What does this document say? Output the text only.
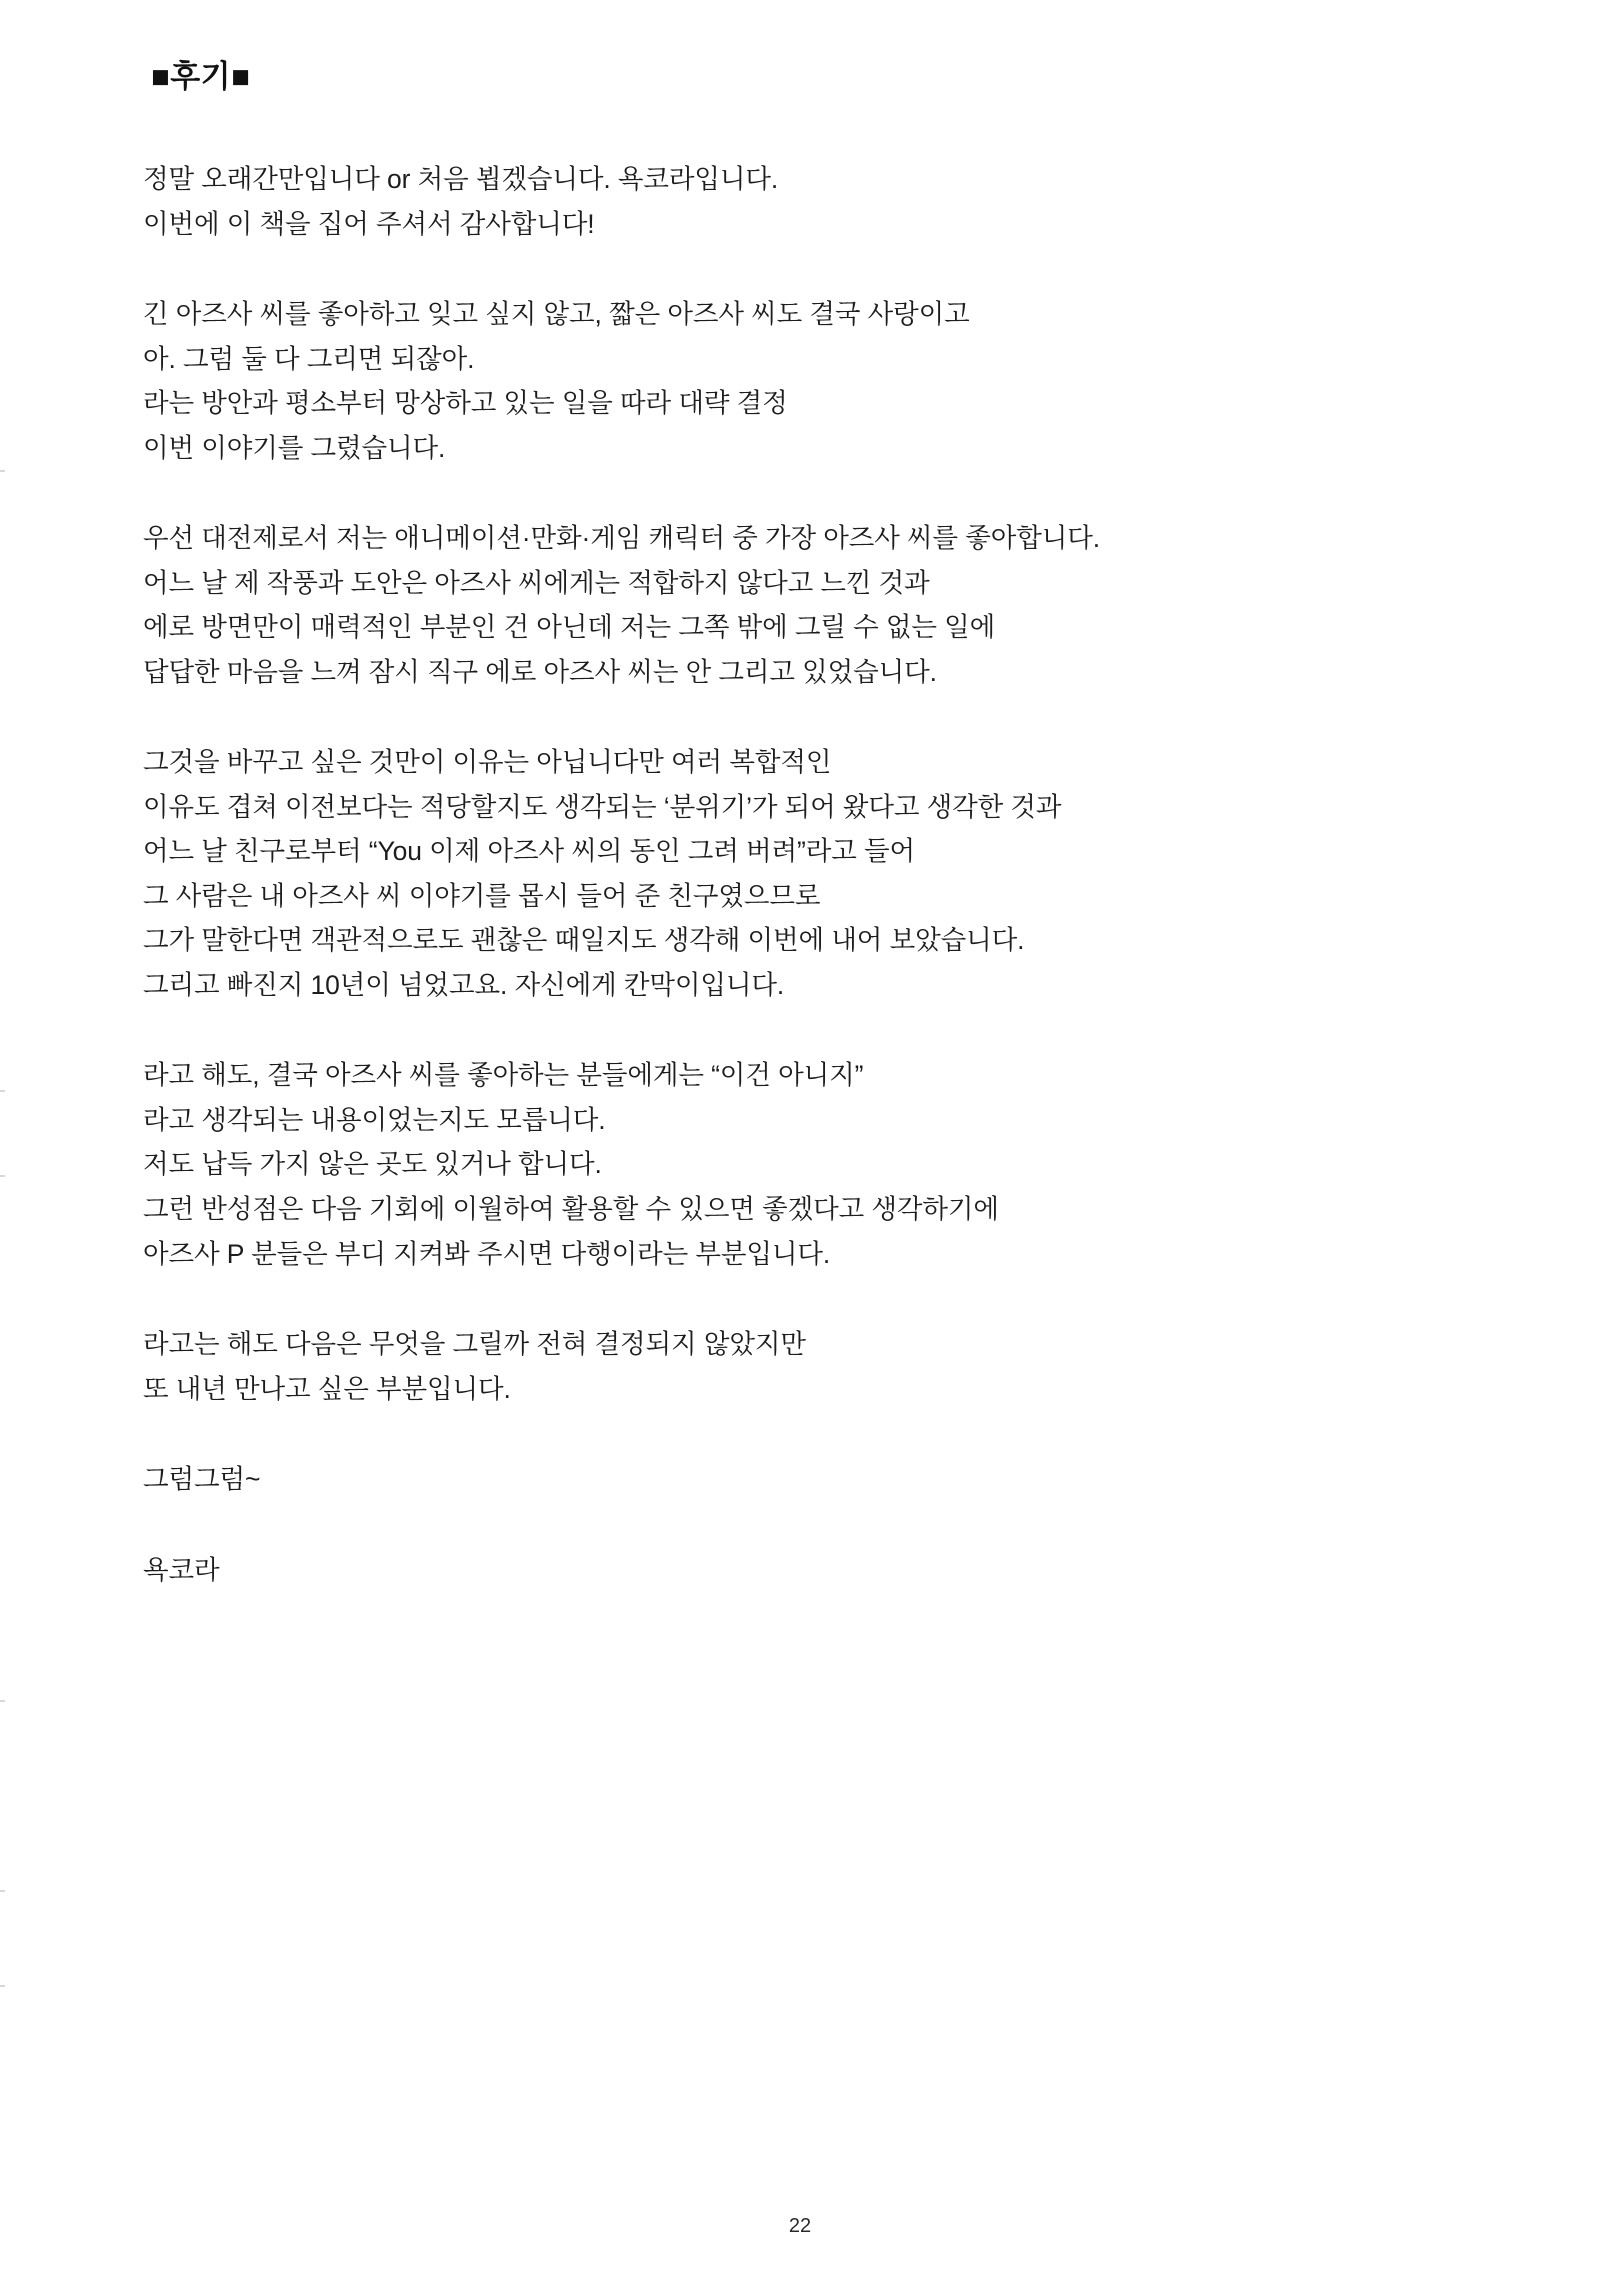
■후기■
정말 오래간만입니다 or 처음 뵙겠습니다. 욕코라입니다.
이번에 이 책을 집어 주셔서 감사합니다!
긴 아즈사 씨를 좋아하고 잊고 싶지 않고, 짧은 아즈사 씨도 결국 사랑이고
아. 그럼 둘 다 그리면 되잖아.
라는 방안과 평소부터 망상하고 있는 일을 따라 대략 결정
이번 이야기를 그렸습니다.
우선 대전제로서 저는 애니메이션·만화·게임 캐릭터 중 가장 아즈사 씨를 좋아합니다.
어느 날 제 작풍과 도안은 아즈사 씨에게는 적합하지 않다고 느낀 것과
에로 방면만이 매력적인 부분인 건 아닌데 저는 그쪽 밖에 그릴 수 없는 일에
답답한 마음을 느껴 잠시 직구 에로 아즈사 씨는 안 그리고 있었습니다.
그것을 바꾸고 싶은 것만이 이유는 아닙니다만 여러 복합적인
이유도 겹쳐 이전보다는 적당할지도 생각되는 ‘분위기’가 되어 왔다고 생각한 것과
어느 날 친구로부터 “You 이제 아즈사 씨의 동인 그려 버려”라고 들어
그 사람은 내 아즈사 씨 이야기를 몹시 들어 준 친구였으므로
그가 말한다면 객관적으로도 괜찮은 때일지도 생각해 이번에 내어 보았습니다.
그리고 빠진지 10년이 넘었고요. 자신에게 칸막이입니다.
라고 해도, 결국 아즈사 씨를 좋아하는 분들에게는 “이건 아니지”
라고 생각되는 내용이었는지도 모릅니다.
저도 납득 가지 않은 곳도 있거나 합니다.
그런 반성점은 다음 기회에 이월하여 활용할 수 있으면 좋겠다고 생각하기에
아즈사 P 분들은 부디 지켜봐 주시면 다행이라는 부분입니다.
라고는 해도 다음은 무엇을 그릴까 전혀 결정되지 않았지만
또 내년 만나고 싶은 부분입니다.
그럼그럼~
욕코라
22
